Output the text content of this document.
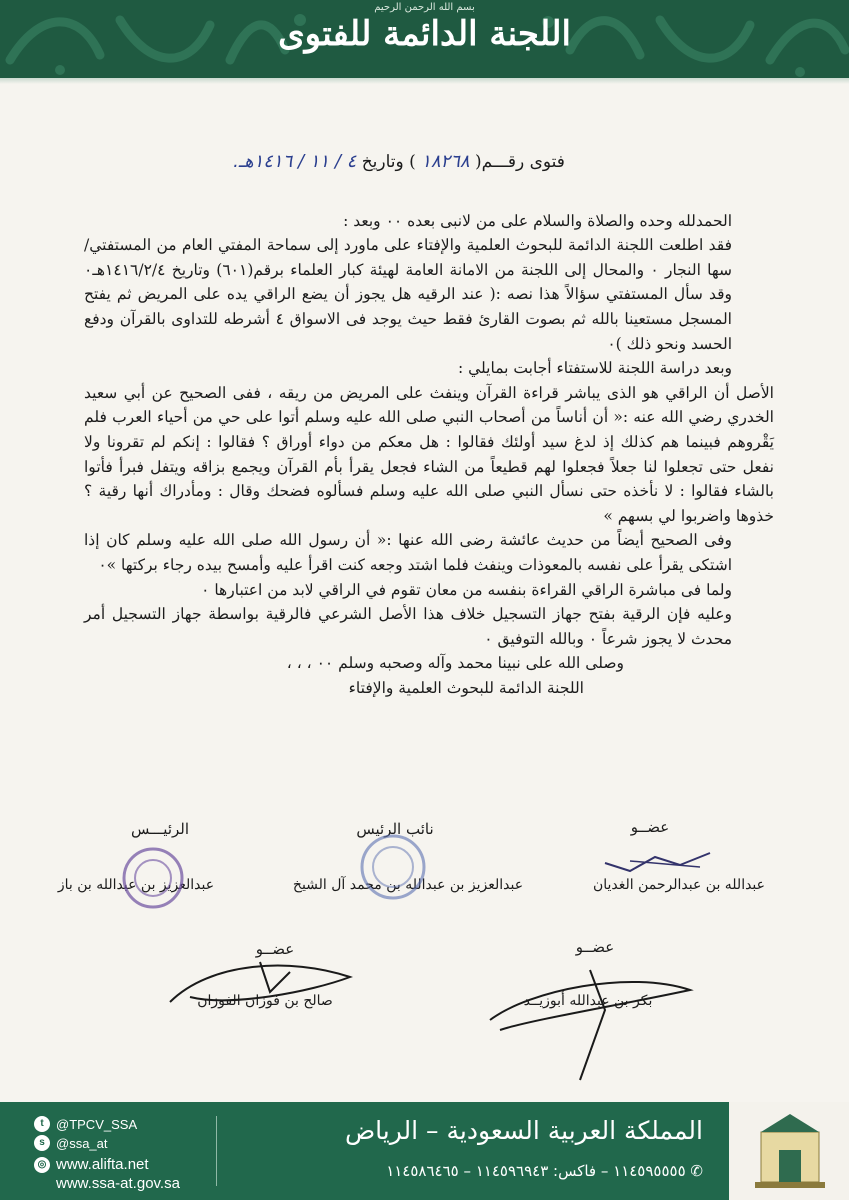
بسم الله الرحمن الرحيم
اللجنة الدائمة للفتوى
فتوى رقـــم( ١٨٢٦٨ ) وتاريخ ٤ / ١١ / ١٤١٦هـ.

الحمدلله وحده والصلاة والسلام على من لانبى بعده ٠٠ وبعد :

فقد اطلعت اللجنة الدائمة للبحوث العلمية والإفتاء على ماورد إلى سماحة المفتي العام من المستفتي/سها النجار ٠ والمحال إلى اللجنة من الامانة العامة لهيئة كبار العلماء برقم(٦٠١) وتاريخ ١٤١٦/٢/٤هـ٠ وقد سأل المستفتي سؤالاً هذا نصه :( عند الرقيه هل يجوز أن يضع الراقي يده على المريض ثم يفتح المسجل مستعينا بالله ثم بصوت القارئ فقط حيث يوجد فى الاسواق ٤ أشرطه للتداوى بالقرآن ودفع الحسد ونحو ذلك )٠

وبعد دراسة اللجنة للاستفتاء أجابت بمايلي :

الأصل أن الراقي هو الذى يباشر قراءة القرآن وينفث على المريض من ريقه ، ففى الصحيح عن أبي سعيد الخدري رضي الله عنه :« أن أناساً من أصحاب النبي صلى الله عليه وسلم أتوا على حي من أحياء العرب فلم يَقْروهم فبينما هم كذلك إذ لدغ سيد أولئك فقالوا : هل معكم من دواء أوراق ؟ فقالوا : إنكم لم تقرونا ولا نفعل حتى تجعلوا لنا جعلاً فجعلوا لهم قطيعاً من الشاء فجعل يقرأ بأم القرآن ويجمع بزاقه ويتفل فبرأ فأتوا بالشاء فقالوا : لا نأخذه حتى نسأل النبي صلى الله عليه وسلم فسألوه فضحك وقال : ومأدراك أنها رقية ؟ خذوها واضربوا لي بسهم »

وفى الصحيح أيضاً من حديث عائشة رضى الله عنها :« أن رسول الله صلى الله عليه وسلم كان إذا اشتكى يقرأ على نفسه بالمعوذات وينفث فلما اشتد وجعه كنت اقرأ عليه وأمسح بيده رجاء بركتها »٠

ولما فى مباشرة الراقي القراءة بنفسه من معان تقوم في الراقي لابد من اعتبارها ٠

وعليه فإن الرقية بفتح جهاز التسجيل خلاف هذا الأصل الشرعي فالرقية بواسطة جهاز التسجيل أمر محدث لا يجوز شرعاً ٠ وبالله التوفيق ٠

وصلى الله على نبينا محمد وآله وصحبه وسلم ٠٠ ، ، ،

اللجنة الدائمة للبحوث العلمية والإفتاء

الرئيـــس
عبدالعزيز بن عبدالله بن باز
نائب الرئيس
عبدالعزيز بن عبدالله بن محمد آل الشيخ
عضــو
عبدالله بن عبدالرحمن الغديان
عضــو
صالح بن فوزان الفوزان
عضــو
بكر بن عبدالله أبوزيــد
t @TPCV_SSA
s @ssa_at
◎ www.alifta.net
www.ssa-at.gov.sa
المملكة العربية السعودية – الرياض
✆ ١١٤٥٩٥٥٥٥ – فاكس: ١١٤٥٩٦٩٤٣ – ١١٤٥٨٦٤٦٥
